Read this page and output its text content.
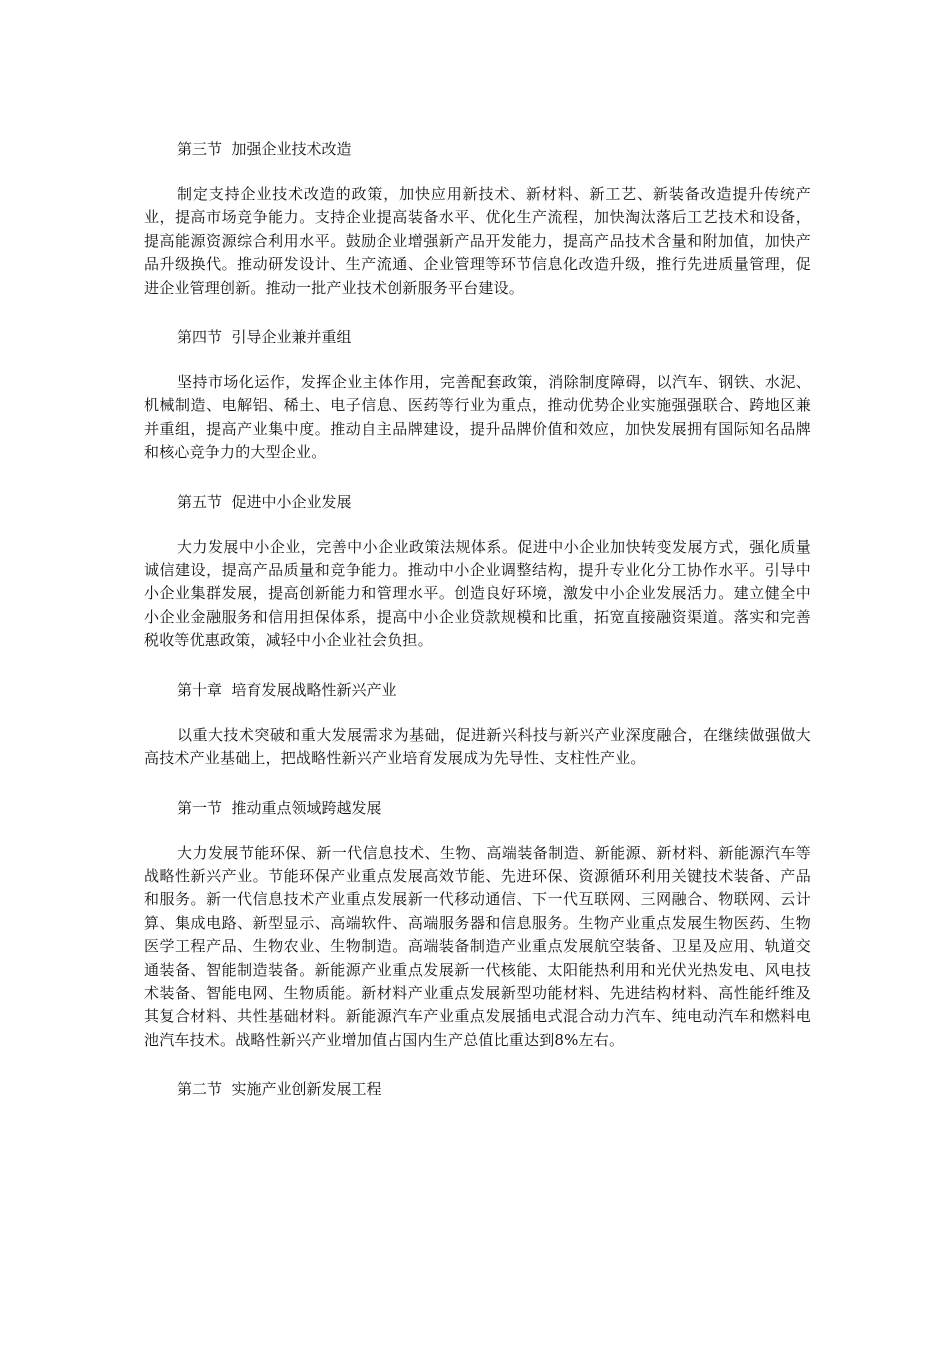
第三节  加强企业技术改造

制定支持企业技术改造的政策，加快应用新技术、新材料、新工艺、新装备改造提升传统产业，提高市场竞争能力。支持企业提高装备水平、优化生产流程，加快淘汰落后工艺技术和设备，提高能源资源综合利用水平。鼓励企业增强新产品开发能力，提高产品技术含量和附加值，加快产品升级换代。推动研发设计、生产流通、企业管理等环节信息化改造升级，推行先进质量管理，促进企业管理创新。推动一批产业技术创新服务平台建设。

第四节  引导企业兼并重组

坚持市场化运作，发挥企业主体作用，完善配套政策，消除制度障碍，以汽车、钢铁、水泥、机械制造、电解铝、稀土、电子信息、医药等行业为重点，推动优势企业实施强强联合、跨地区兼并重组，提高产业集中度。推动自主品牌建设，提升品牌价值和效应，加快发展拥有国际知名品牌和核心竞争力的大型企业。

第五节  促进中小企业发展

大力发展中小企业，完善中小企业政策法规体系。促进中小企业加快转变发展方式，强化质量诚信建设，提高产品质量和竞争能力。推动中小企业调整结构，提升专业化分工协作水平。引导中小企业集群发展，提高创新能力和管理水平。创造良好环境，激发中小企业发展活力。建立健全中小企业金融服务和信用担保体系，提高中小企业贷款规模和比重，拓宽直接融资渠道。落实和完善税收等优惠政策，减轻中小企业社会负担。

第十章  培育发展战略性新兴产业

以重大技术突破和重大发展需求为基础，促进新兴科技与新兴产业深度融合，在继续做强做大高技术产业基础上，把战略性新兴产业培育发展成为先导性、支柱性产业。

第一节  推动重点领域跨越发展

大力发展节能环保、新一代信息技术、生物、高端装备制造、新能源、新材料、新能源汽车等战略性新兴产业。节能环保产业重点发展高效节能、先进环保、资源循环利用关键技术装备、产品和服务。新一代信息技术产业重点发展新一代移动通信、下一代互联网、三网融合、物联网、云计算、集成电路、新型显示、高端软件、高端服务器和信息服务。生物产业重点发展生物医药、生物医学工程产品、生物农业、生物制造。高端装备制造产业重点发展航空装备、卫星及应用、轨道交通装备、智能制造装备。新能源产业重点发展新一代核能、太阳能热利用和光伏光热发电、风电技术装备、智能电网、生物质能。新材料产业重点发展新型功能材料、先进结构材料、高性能纤维及其复合材料、共性基础材料。新能源汽车产业重点发展插电式混合动力汽车、纯电动汽车和燃料电池汽车技术。战略性新兴产业增加值占国内生产总值比重达到8%左右。

第二节  实施产业创新发展工程
